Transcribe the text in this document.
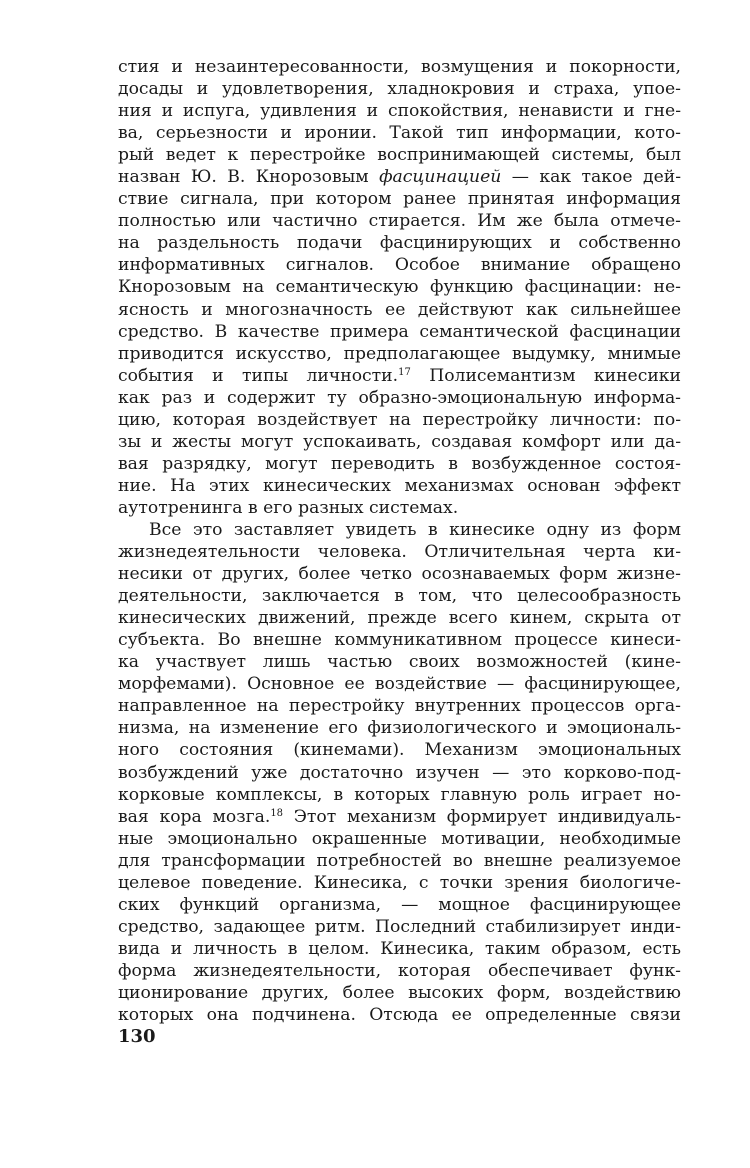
стия и незаинтересованности, возмущения и покорности,
досады и удовлетворения, хладнокровия и страха, упое-
ния и испуга, удивления и спокойствия, ненависти и гне-
ва, серьезности и иронии. Такой тип информации, кото-
рый ведет к перестройке воспринимающей системы, был
назван Ю. В. Кнорозовым фасцинацией — как такое дей-
ствие сигнала, при котором ранее принятая информация
полностью или частично стирается. Им же была отмече-
на раздельность подачи фасцинирующих и собственно
информативных сигналов. Особое внимание обращено
Кнорозовым на семантическую функцию фасцинации: не-
ясность и многозначность ее действуют как сильнейшее
средство. В качестве примера семантической фасцинации
приводится искусство, предполагающее выдумку, мнимые
события и типы личности.$^{17}$ Полисемантизм кинесики
как раз и содержит ту образно-эмоциональную информа-
цию, которая воздействует на перестройку личности: по-
зы и жесты могут успокаивать, создавая комфорт или да-
вая разрядку, могут переводить в возбужденное состоя-
ние. На этих кинесических механизмах основан эффект
аутотренинга в его разных системах.
Все это заставляет увидеть в кинесике одну из форм
жизнедеятельности человека. Отличительная черта ки-
несики от других, более четко осознаваемых форм жизне-
деятельности, заключается в том, что целесообразность
кинесических движений, прежде всего кинем, скрыта от
субъекта. Во внешне коммуникативном процессе кинеси-
ка участвует лишь частью своих возможностей (кине-
морфемами). Основное ее воздействие — фасцинирующее,
направленное на перестройку внутренних процессов орга-
низма, на изменение его физиологического и эмоциональ-
ного состояния (кинемами). Механизм эмоциональных
возбуждений уже достаточно изучен — это корково-под-
корковые комплексы, в которых главную роль играет но-
вая кора мозга.$^{18}$ Этот механизм формирует индивидуаль-
ные эмоционально окрашенные мотивации, необходимые
для трансформации потребностей во внешне реализуемое
целевое поведение. Кинесика, с точки зрения биологиче-
ских функций организма, — мощное фасцинирующее
средство, задающее ритм. Последний стабилизирует инди-
вида и личность в целом. Кинесика, таким образом, есть
форма жизнедеятельности, которая обеспечивает функ-
ционирование других, более высоких форм, воздействию
которых она подчинена. Отсюда ее определенные связи
130
